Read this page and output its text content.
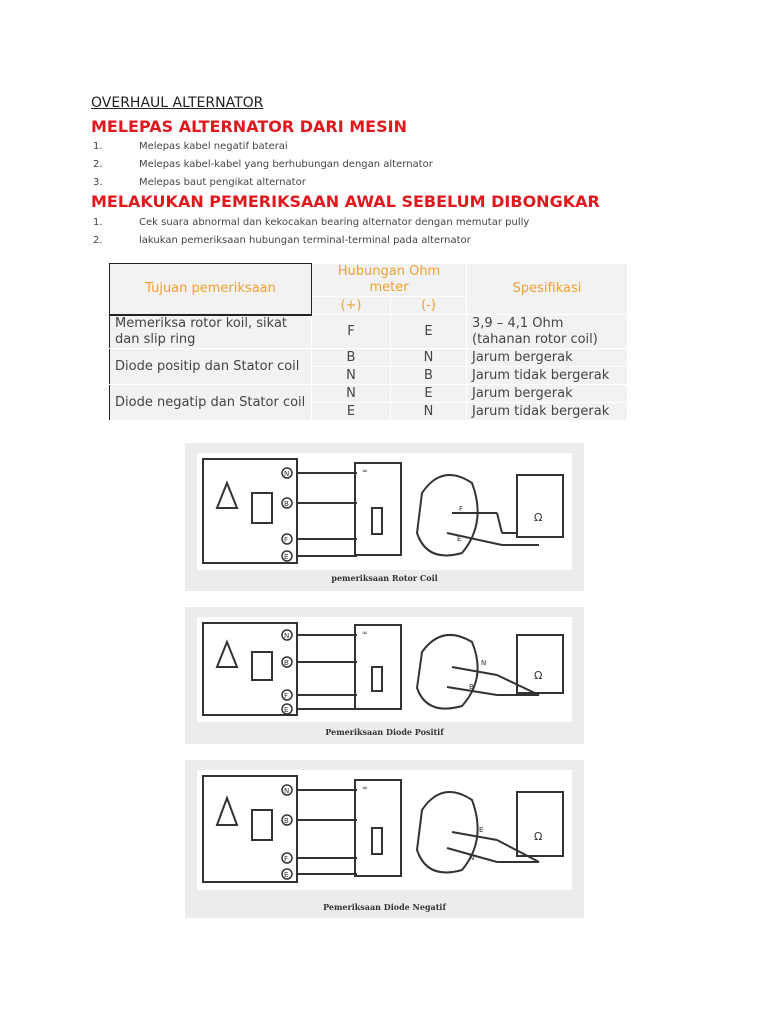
OVERHAUL ALTERNATOR
MELEPAS ALTERNATOR DARI MESIN
1.	Melepas kabel negatif baterai
2.	Melepas kabel-kabel yang berhubungan dengan alternator
3.	Melepas baut pengikat alternator
MELAKUKAN PEMERIKSAAN AWAL SEBELUM DIBONGKAR
1.	Cek suara abnormal dan kekocakan bearing alternator dengan memutar pully
2.	lakukan pemeriksaan hubungan terminal-terminal pada alternator
Tujuan pemeriksaan	Hubungan Ohm meter		Spesifikasi
	(+)	(-)	
Memeriksa rotor koil, sikat dan slip ring	F	E	3,9 – 4,1 Ohm (tahanan rotor coil)
Diode positip dan Stator coil	B	N	Jarum bergerak
	N	B	Jarum tidak bergerak
Diode negatip dan Stator coil	N	E	Jarum bergerak
	E	N	Jarum tidak bergerak
N
B
F
E
∞
F
E
Ω
pemeriksaan Rotor Coil
N
B
F
E
∞
N
B
Ω
Pemeriksaan Diode Positif
N
B
F
E
∞
E
N
Ω
Pemeriksaan Diode Negatif
